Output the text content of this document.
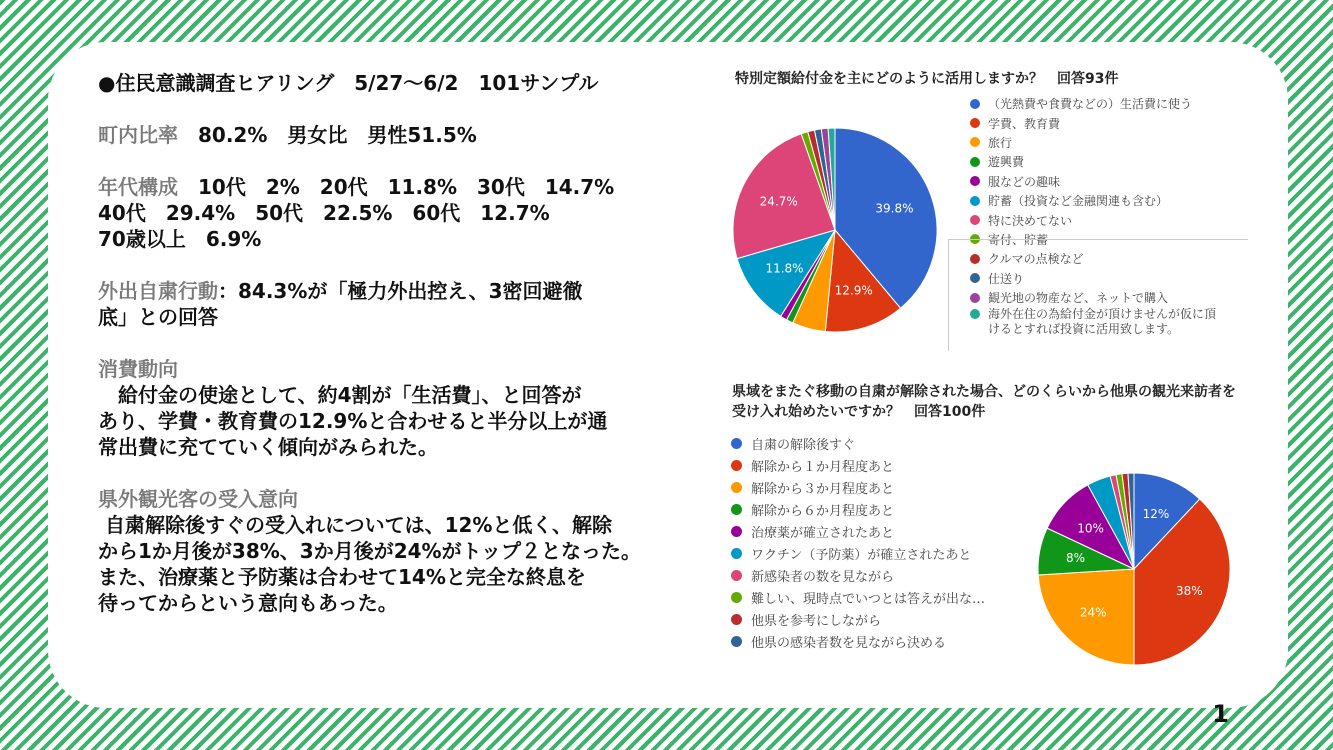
●住民意識調査ヒアリング　5/27〜6/2　101サンプル

町内比率　80.2%　男女比　男性51.5%

年代構成　10代　2%　20代　11.8%　30代　14.7%

40代　29.4%　50代　22.5%　60代　12.7%

70歳以上　6.9%

外出自粛行動：84.3%が「極力外出控え、3密回避徹

底」との回答

消費動向

　給付金の使途として、約4割が「生活費」、と回答が

あり、学費・教育費の12.9%と合わせると半分以上が通

常出費に充てていく傾向がみられた。

県外観光客の受入意向

自粛解除後すぐの受入れについては、12%と低く、解除

から1か月後が38%、3か月後が24%がトップ２となった。

また、治療薬と予防薬は合わせて14%と完全な終息を

待ってからという意向もあった。

特別定額給付金を主にどのように活用しますか？　回答93件
39.8%
12.9%
11.8%
24.7%
（光熱費や食費などの）生活費に使う
学費、教育費
旅行
遊興費
服などの趣味
貯蓄（投資など金融関連も含む）
特に決めてない
クルマの点検など
仕送り
観光地の物産など、ネットで購入
海外在住の為給付金が頂けませんが仮に頂けるとすれば投資に活用致します。
県域をまたぐ移動の自粛が解除された場合、どのくらいから他県の観光来訪者を受け入れ始めたいですか？　回答100件
自粛の解除後すぐ
解除から１か月程度あと
解除から３か月程度あと
解除から６か月程度あと
治療薬が確立されたあと
ワクチン（予防薬）が確立されたあと
新感染者の数を見ながら
難しい、現時点でいつとは答えが出な…
他県を参考にしながら
他県の感染者数を見ながら決める
12%
38%
24%
8%
10%
1
